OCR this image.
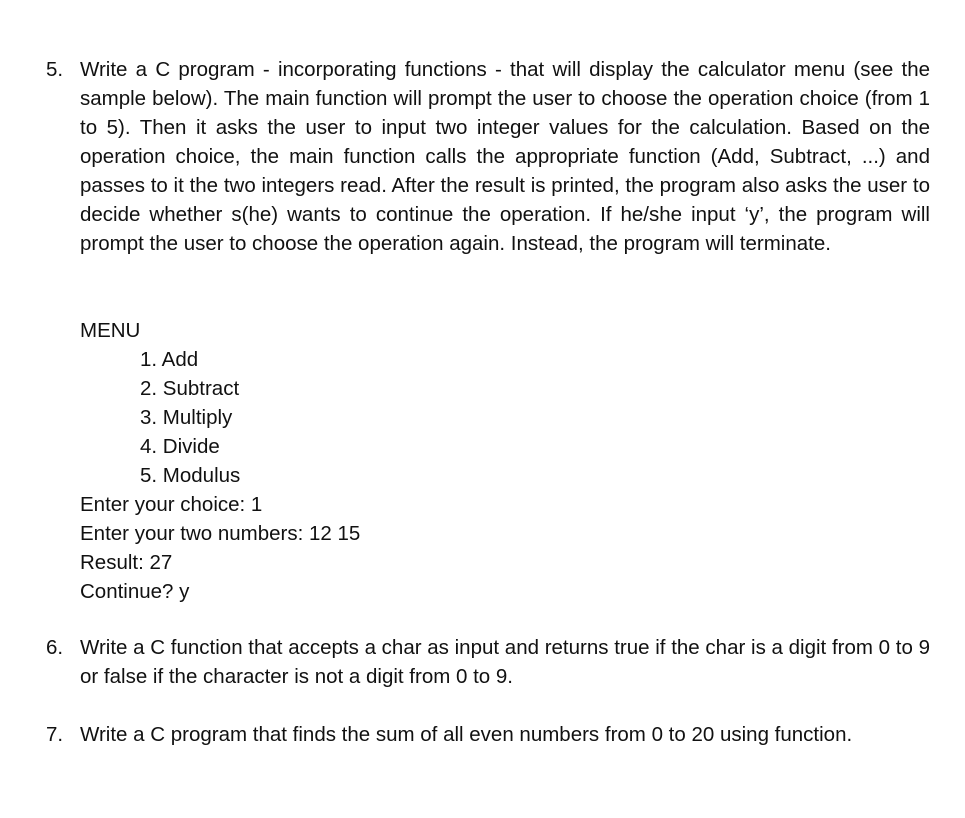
5. Write a C program - incorporating functions - that will display the calculator menu (see the sample below). The main function will prompt the user to choose the operation choice (from 1 to 5). Then it asks the user to input two integer values for the calculation. Based on the operation choice, the main function calls the appropriate function (Add, Subtract, ...) and passes to it the two integers read. After the result is printed, the program also asks the user to decide whether s(he) wants to continue the operation. If he/she input ‘y’, the program will prompt the user to choose the operation again. Instead, the program will terminate.

MENU
1. Add
2. Subtract
3. Multiply
4. Divide
5. Modulus
Enter your choice: 1
Enter your two numbers: 12 15
Result: 27
Continue? y
6. Write a C function that accepts a char as input and returns true if the char is a digit from 0 to 9 or false if the character is not a digit from 0 to 9.

7. Write a C program that finds the sum of all even numbers from 0 to 20 using function.
